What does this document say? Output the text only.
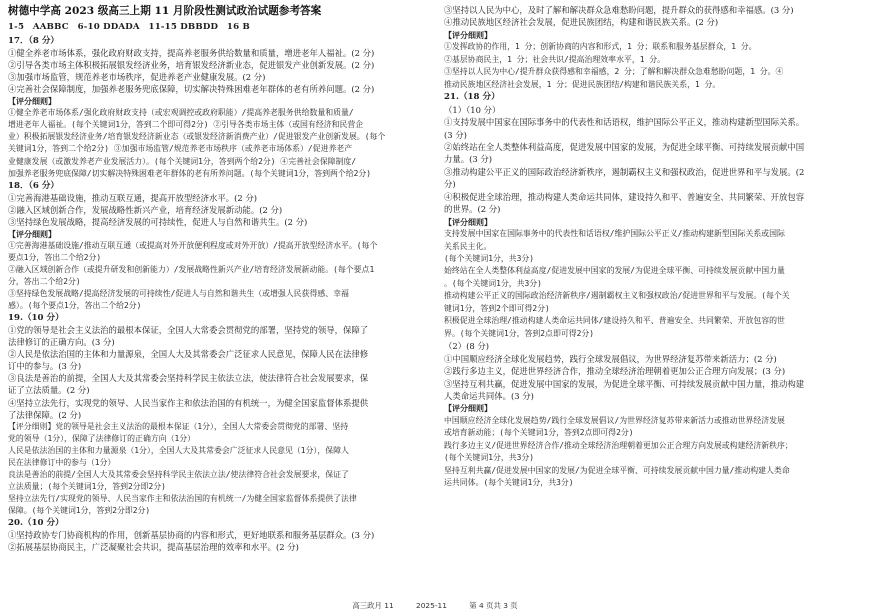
树德中学高 2023 级高三上期 11 月阶段性测试政治试题参考答案
1-5　AABBC　6-10 DDADA　11-15 DBBDD　16 B
17．（8 分）
①健全养老市场体系，强化政府财政支持，提高养老服务供给数量和质量，增进老年人福祉。(2 分)
②引导各类市场主体积极拓展银发经济业务，培育银发经济新业态，促进银发产业创新发展。(2 分)
③加强市场监管，规范养老市场秩序，促进养老产业健康发展。(2 分)
④完善社会保障制度，加强养老服务兜底保障，切实解决特殊困难老年群体的老有所养问题。(2 分)
【评分细则】
①健全养老市场体系/强化政府财政支持（或宏观调控或政府职能）/提高养老服务供给数量和质量/
增进老年人福祉。(每个关键词1分，答到二个即可得2分) ②引导各类市场主体（或国有经济和民营企
业）积极拓展银发经济业务/培育银发经济新业态（或银发经济新消费产业）/促进银发产业创新发展。(每个
关键词1分，答到二个给2分) ③加强市场监管/规范养老市场秩序（或养老市场体系）/促进养老产
业健康发展（或激发养老产业发展活力）。(每个关键词1分，答到两个给2分) ④完善社会保障制度/
加强养老服务兜底保障/切实解决特殊困难老年群体的老有所养问题。(每个关键词1分，答到两个给2分)
18．（6 分）
①完善海港基础设施，推动互联互通，提高开放型经济水平。(2 分)
②融入区域创新合作，发展战略性新兴产业，培育经济发展新动能。(2 分)
③坚持绿色发展战略，提高经济发展的可持续性，促进人与自然和谐共生。(2 分)
【评分细则】
①完善海港基础设施/推动互联互通（或提高对外开放便利程度或对外开放）/提高开放型经济水平。(每个
要点1分，答出二个给2分)
②融入区域创新合作（或提升研发和创新能力）/发展战略性新兴产业/培育经济发展新动能。(每个要点1
分，答出二个给2分)
③坚持绿色发展战略/提高经济发展的可持续性/促进人与自然和谐共生（或增强人民获得感、幸福
感）。(每个要点1分，答出二个给2分)
19.（10 分）
①党的领导是社会主义法治的最根本保证，全国人大常委会贯彻党的部署，坚持党的领导，保障了
法律修订的正确方向。(3 分)
②人民是依法治国的主体和力量源泉，全国人大及其常委会广泛征求人民意见，保障人民在法律修
订中的参与。(3 分)
③良法是善治的前提，全国人大及其常委会坚持科学民主依法立法，使法律符合社会发展要求，保
证了立法质量。(2 分)
④坚持立法先行，实现党的领导、人民当家作主和依法治国的有机统一，为健全国家监督体系提供
了法律保障。(2 分)
【评分细则】党的领导是社会主义法治的最根本保证（1分），全国人大常委会贯彻党的部署、坚持
党的领导（1分），保障了法律修订的正确方向（1分）
人民是依法治国的主体和力量源泉（1分），全国人大及其常委会广泛征求人民意见（1分），保障人
民在法律修订中的参与（1分）
良法是善治的前提/全国人大及其常委会坚持科学民主依法立法/使法律符合社会发展要求，保证了
立法质量；(每个关键词1分，答到2分即2分)
坚持立法先行/实现党的领导、人民当家作主和依法治国的有机统一/为健全国家监督体系提供了法律
保障。(每个关键词1分，答到2分即2分)
20.（10 分）
①坚持政协专门协商机构的作用，创新基层协商的内容和形式，更好地联系和服务基层群众。(3 分)
②拓展基层协商民主，广泛凝聚社会共识，提高基层治理的效率和水平。(2 分)
③坚持以人民为中心，及时了解和解决群众急难愁盼问题，提升群众的获得感和幸福感。(3 分)
④推动民族地区经济社会发展，促进民族团结，构建和谐民族关系。(2 分)
【评分细则】
①发挥政协的作用，1 分；创新协商的内容和形式，1 分；联系和服务基层群众，1 分。
②基层协商民主，1 分；社会共识/提高治理效率水平，1 分。
③坚持以人民为中心/提升群众获得感和幸福感，2 分；了解和解决群众急难愁盼问题，1 分。④
推动民族地区经济社会发展，1 分；促进民族团结/构建和谐民族关系，1 分。
21.（18 分）
（1）（10 分）
①支持发展中国家在国际事务中的代表性和话语权，维护国际公平正义，推动构建新型国际关系。
(3 分)
②始终站在全人类整体利益高度，促进发展中国家的发展，为促进全球平衡、可持续发展贡献中国
力量。(3 分)
③推动构建公平正义的国际政治经济新秩序，遏制霸权主义和强权政治，促进世界和平与发展。(2
分)
④积极促进全球治理，推动构建人类命运共同体，建设持久和平、普遍安全、共同繁荣、开放包容
的世界。(2 分)
【评分细则】
支持发展中国家在国际事务中的代表性和话语权/维护国际公平正义/推动构建新型国际关系或国际
关系民主化。
(每个关键词1分，共3分)
始终站在全人类整体利益高度/促进发展中国家的发展/为促进全球平衡、可持续发展贡献中国力量
。(每个关键词1分，共3分)
推动构建公平正义的国际政治经济新秩序/遏制霸权主义和强权政治/促进世界和平与发展。(每个关
键词1分，答到2个即可得2分)
积极促进全球治理/推动构建人类命运共同体/建设持久和平、普遍安全、共同繁荣、开放包容的世
界。(每个关键词1分，答到2点即可得2分)
（2）(8 分)
①中国顺应经济全球化发展趋势，践行全球发展倡议，为世界经济复苏带来新活力；(2 分)
②践行多边主义，促进世界经济合作，推动全球经济治理朝着更加公正合理方向发展；(3 分)
③坚持互利共赢，促进发展中国家的发展，为促进全球平衡、可持续发展贡献中国力量，推动构建
人类命运共同体。(3 分)
【评分细则】
中国顺应经济全球化发展趋势/践行全球发展倡议/为世界经济复苏带来新活力或推动世界经济发展
或培育新动能；(每个关键词1分，答到2点即可得2分)
践行多边主义/促进世界经济合作/推动全球经济治理朝着更加公正合理方向发展或构建经济新秩序；
(每个关键词1分，共3分)
坚持互利共赢/促进发展中国家的发展/为促进全球平衡、可持续发展贡献中国力量/推动构建人类命
运共同体。(每个关键词1分，共3分)
高三政月 11	2025-11	第 4 页共 3 页
